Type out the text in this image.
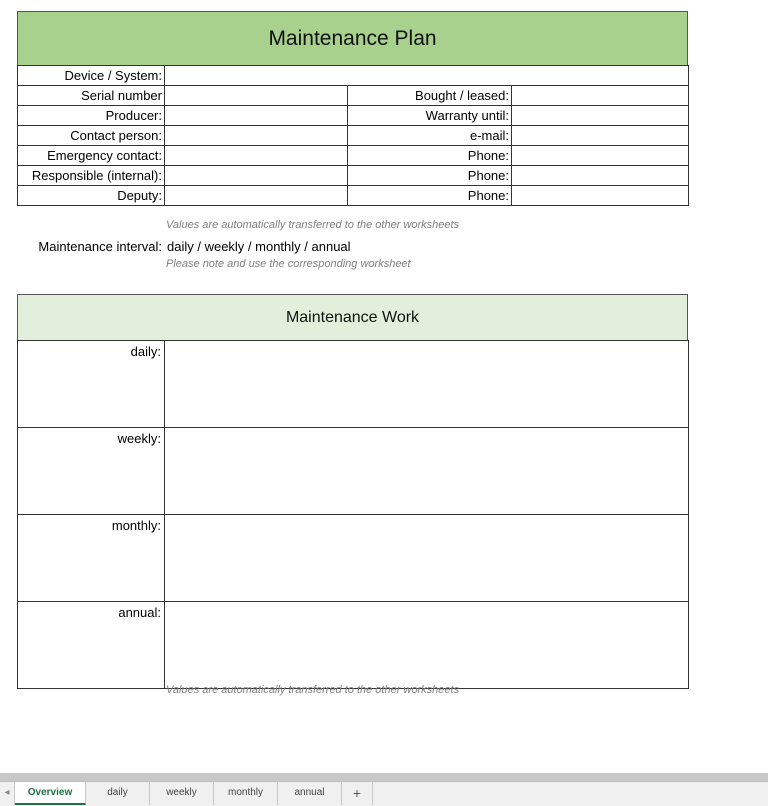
Maintenance Plan
Device / System:			
Serial number		Bought / leased:	
Producer:		Warranty until:	
Contact person:		e-mail:	
Emergency contact:		Phone:	
Responsible (internal):		Phone:	
Deputy:		Phone:	
Values are automatically transferred to the other worksheets
Maintenance interval: daily / weekly / monthly / annual
Please note and use the corresponding worksheet
Maintenance Work
daily:	
weekly:	
monthly:	
annual:	
Values are automatically transferred to the other worksheets
◂	Overview	daily	weekly	monthly	annual	+
